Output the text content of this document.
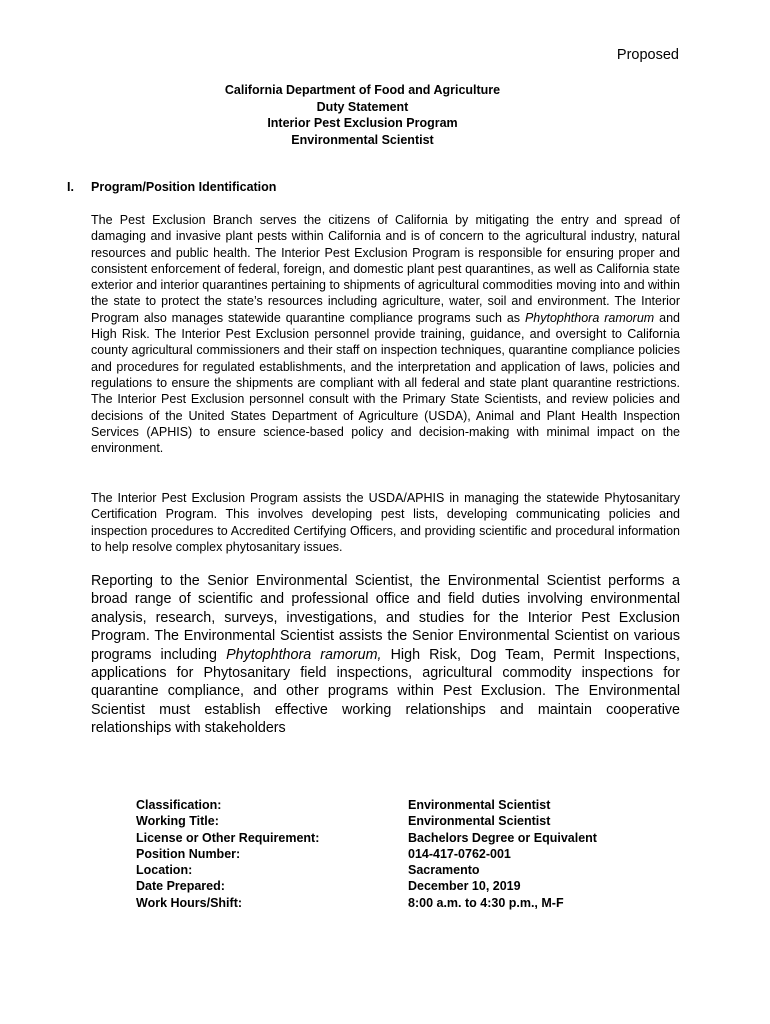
Proposed
California Department of Food and Agriculture
Duty Statement
Interior Pest Exclusion Program
Environmental Scientist
I. Program/Position Identification

The Pest Exclusion Branch serves the citizens of California by mitigating the entry and spread of damaging and invasive plant pests within California and is of concern to the agricultural industry, natural resources and public health. The Interior Pest Exclusion Program is responsible for ensuring proper and consistent enforcement of federal, foreign, and domestic plant pest quarantines, as well as California state exterior and interior quarantines pertaining to shipments of agricultural commodities moving into and within the state to protect the state’s resources including agriculture, water, soil and environment. The Interior Program also manages statewide quarantine compliance programs such as Phytophthora ramorum and High Risk. The Interior Pest Exclusion personnel provide training, guidance, and oversight to California county agricultural commissioners and their staff on inspection techniques, quarantine compliance policies and procedures for regulated establishments, and the interpretation and application of laws, policies and regulations to ensure the shipments are compliant with all federal and state plant quarantine restrictions. The Interior Pest Exclusion personnel consult with the Primary State Scientists, and review policies and decisions of the United States Department of Agriculture (USDA), Animal and Plant Health Inspection Services (APHIS) to ensure science-based policy and decision-making with minimal impact on the environment.

The Interior Pest Exclusion Program assists the USDA/APHIS in managing the statewide Phytosanitary Certification Program. This involves developing pest lists, developing communicating policies and inspection procedures to Accredited Certifying Officers, and providing scientific and procedural information to help resolve complex phytosanitary issues.

Reporting to the Senior Environmental Scientist, the Environmental Scientist performs a broad range of scientific and professional office and field duties involving environmental analysis, research, surveys, investigations, and studies for the Interior Pest Exclusion Program. The Environmental Scientist assists the Senior Environmental Scientist on various programs including Phytophthora ramorum, High Risk, Dog Team, Permit Inspections, applications for Phytosanitary field inspections, agricultural commodity inspections for quarantine compliance, and other programs within Pest Exclusion. The Environmental Scientist must establish effective working relationships and maintain cooperative relationships with stakeholders

Classification:	Environmental Scientist
Working Title:	Environmental Scientist
License or Other Requirement:	Bachelors Degree or Equivalent
Position Number:	014-417-0762-001
Location:	Sacramento
Date Prepared:	December 10, 2019
Work Hours/Shift:	8:00 a.m. to 4:30 p.m., M-F
